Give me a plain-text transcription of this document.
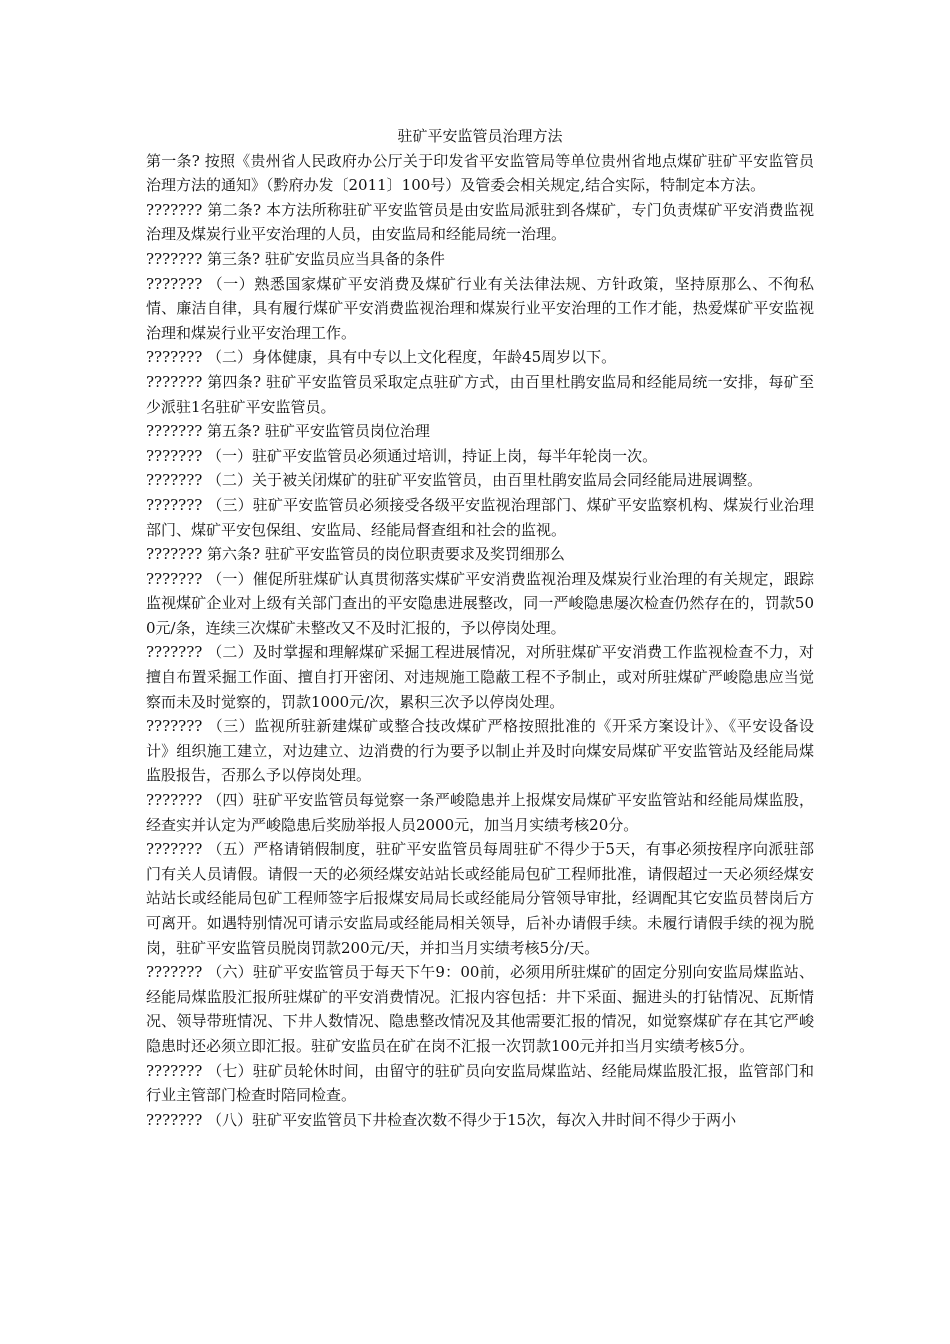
驻矿平安监管员治理方法

第一条? 按照《贵州省人民政府办公厅关于印发省平安监管局等单位贵州省地点煤矿驻矿平安监管员治理方法的通知》（黔府办发〔2011〕100号）及管委会相关规定,结合实际，特制定本方法。

??????? 第二条? 本方法所称驻矿平安监管员是由安监局派驻到各煤矿，专门负责煤矿平安消费监视治理及煤炭行业平安治理的人员，由安监局和经能局统一治理。

??????? 第三条? 驻矿安监员应当具备的条件

??????? （一）熟悉国家煤矿平安消费及煤矿行业有关法律法规、方针政策，坚持原那么、不徇私情、廉洁自律，具有履行煤矿平安消费监视治理和煤炭行业平安治理的工作才能，热爱煤矿平安监视治理和煤炭行业平安治理工作。

??????? （二）身体健康，具有中专以上文化程度，年龄45周岁以下。

??????? 第四条? 驻矿平安监管员采取定点驻矿方式，由百里杜鹃安监局和经能局统一安排，每矿至少派驻1名驻矿平安监管员。

??????? 第五条? 驻矿平安监管员岗位治理

??????? （一）驻矿平安监管员必须通过培训，持证上岗，每半年轮岗一次。

??????? （二）关于被关闭煤矿的驻矿平安监管员，由百里杜鹃安监局会同经能局进展调整。

??????? （三）驻矿平安监管员必须接受各级平安监视治理部门、煤矿平安监察机构、煤炭行业治理部门、煤矿平安包保组、安监局、经能局督查组和社会的监视。

??????? 第六条? 驻矿平安监管员的岗位职责要求及奖罚细那么

??????? （一）催促所驻煤矿认真贯彻落实煤矿平安消费监视治理及煤炭行业治理的有关规定，跟踪监视煤矿企业对上级有关部门查出的平安隐患进展整改，同一严峻隐患屡次检查仍然存在的，罚款500元/条，连续三次煤矿未整改又不及时汇报的，予以停岗处理。

??????? （二）及时掌握和理解煤矿采掘工程进展情况，对所驻煤矿平安消费工作监视检查不力，对擅自布置采掘工作面、擅自打开密闭、对违规施工隐蔽工程不予制止，或对所驻煤矿严峻隐患应当觉察而未及时觉察的，罚款1000元/次，累积三次予以停岗处理。

??????? （三）监视所驻新建煤矿或整合技改煤矿严格按照批准的《开采方案设计》、《平安设备设计》组织施工建立，对边建立、边消费的行为要予以制止并及时向煤安局煤矿平安监管站及经能局煤监股报告，否那么予以停岗处理。

??????? （四）驻矿平安监管员每觉察一条严峻隐患并上报煤安局煤矿平安监管站和经能局煤监股，经查实并认定为严峻隐患后奖励举报人员2000元，加当月实绩考核20分。

??????? （五）严格请销假制度，驻矿平安监管员每周驻矿不得少于5天，有事必须按程序向派驻部门有关人员请假。请假一天的必须经煤安站站长或经能局包矿工程师批准，请假超过一天必须经煤安站站长或经能局包矿工程师签字后报煤安局局长或经能局分管领导审批，经调配其它安监员替岗后方可离开。如遇特别情况可请示安监局或经能局相关领导，后补办请假手续。未履行请假手续的视为脱岗，驻矿平安监管员脱岗罚款200元/天，并扣当月实绩考核5分/天。

??????? （六）驻矿平安监管员于每天下午9：00前，必须用所驻煤矿的固定分别向安监局煤监站、经能局煤监股汇报所驻煤矿的平安消费情况。汇报内容包括：井下采面、掘进头的打钻情况、瓦斯情况、领导带班情况、下井人数情况、隐患整改情况及其他需要汇报的情况，如觉察煤矿存在其它严峻隐患时还必须立即汇报。驻矿安监员在矿在岗不汇报一次罚款100元并扣当月实绩考核5分。

??????? （七）驻矿员轮休时间，由留守的驻矿员向安监局煤监站、经能局煤监股汇报，监管部门和行业主管部门检查时陪同检查。

??????? （八）驻矿平安监管员下井检查次数不得少于15次，每次入井时间不得少于两小
